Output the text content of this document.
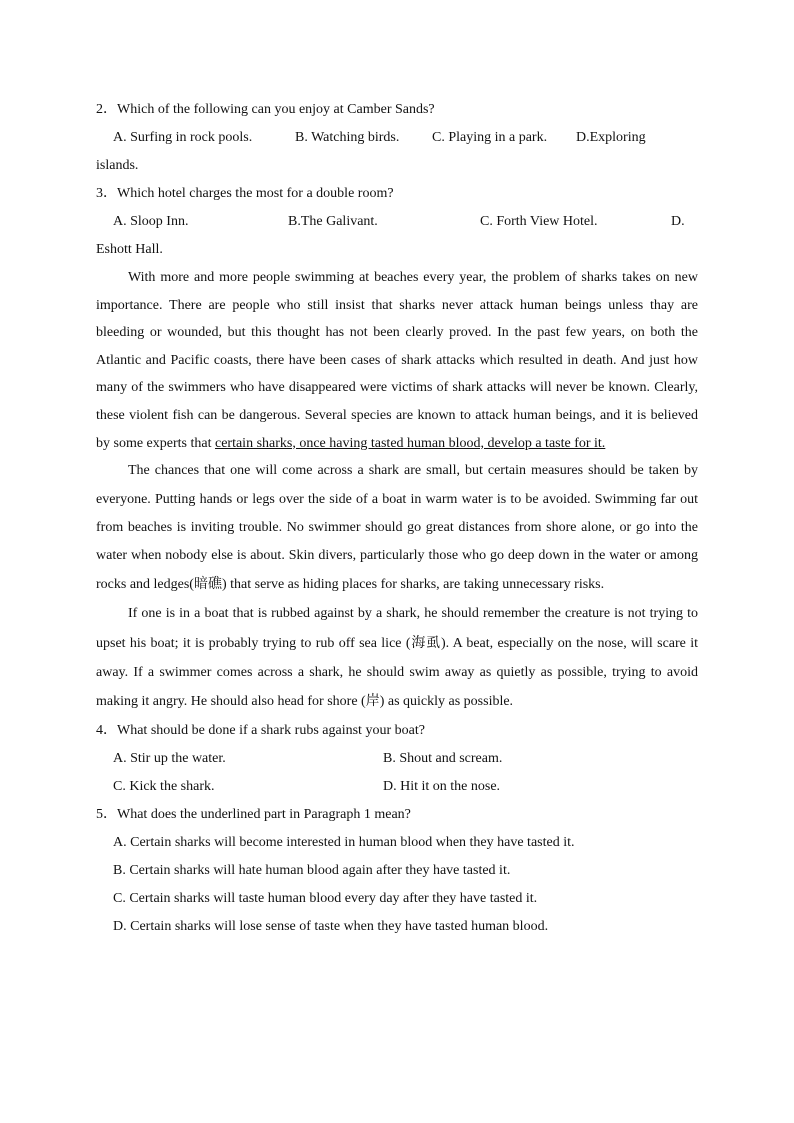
2．Which of the following can you enjoy at Camber Sands?
A. Surfing in rock pools.	B. Watching birds. C. Playing in a park. D.Exploring
islands.
3．Which hotel charges the most for a double room?
A. Sloop Inn.	B.The Galivant.	C. Forth View Hotel.	D.
Eshott Hall.

With more and more people swimming at beaches every year, the problem of sharks takes on new importance. There are people who still insist that sharks never attack human beings unless thay are bleeding or wounded, but this thought has not been clearly proved. In the past few years, on both the Atlantic and Pacific coasts, there have been cases of shark attacks which resulted in death. And just how many of the swimmers who have disappeared were victims of shark attacks will never be known. Clearly, these violent fish can be dangerous. Several species are known to attack human beings, and it is believed by some experts that certain sharks, once having tasted human blood, develop a taste for it.

The chances that one will come across a shark are small, but certain measures should be taken by everyone. Putting hands or legs over the side of a boat in warm water is to be avoided. Swimming far out from beaches is inviting trouble. No swimmer should go great distances from shore alone, or go into the water when nobody else is about. Skin divers, particularly those who go deep down in the water or among rocks and ledges(暗礁) that serve as hiding places for sharks, are taking unnecessary risks.

If one is in a boat that is rubbed against by a shark, he should remember the creature is not trying to upset his boat; it is probably trying to rub off sea lice (海虱). A beat, especially on the nose, will scare it away. If a swimmer comes across a shark, he should swim away as quietly as possible, trying to avoid making it angry. He should also head for shore (岸) as quickly as possible.

4．What should be done if a shark rubs against your boat?
A. Stir up the water.	B. Shout and scream.
C. Kick the shark.	D. Hit it on the nose.
5．What does the underlined part in Paragraph 1 mean?
A. Certain sharks will become interested in human blood when they have tasted it.
B. Certain sharks will hate human blood again after they have tasted it.
C. Certain sharks will taste human blood every day after they have tasted it.
D. Certain sharks will lose sense of taste when they have tasted human blood.
